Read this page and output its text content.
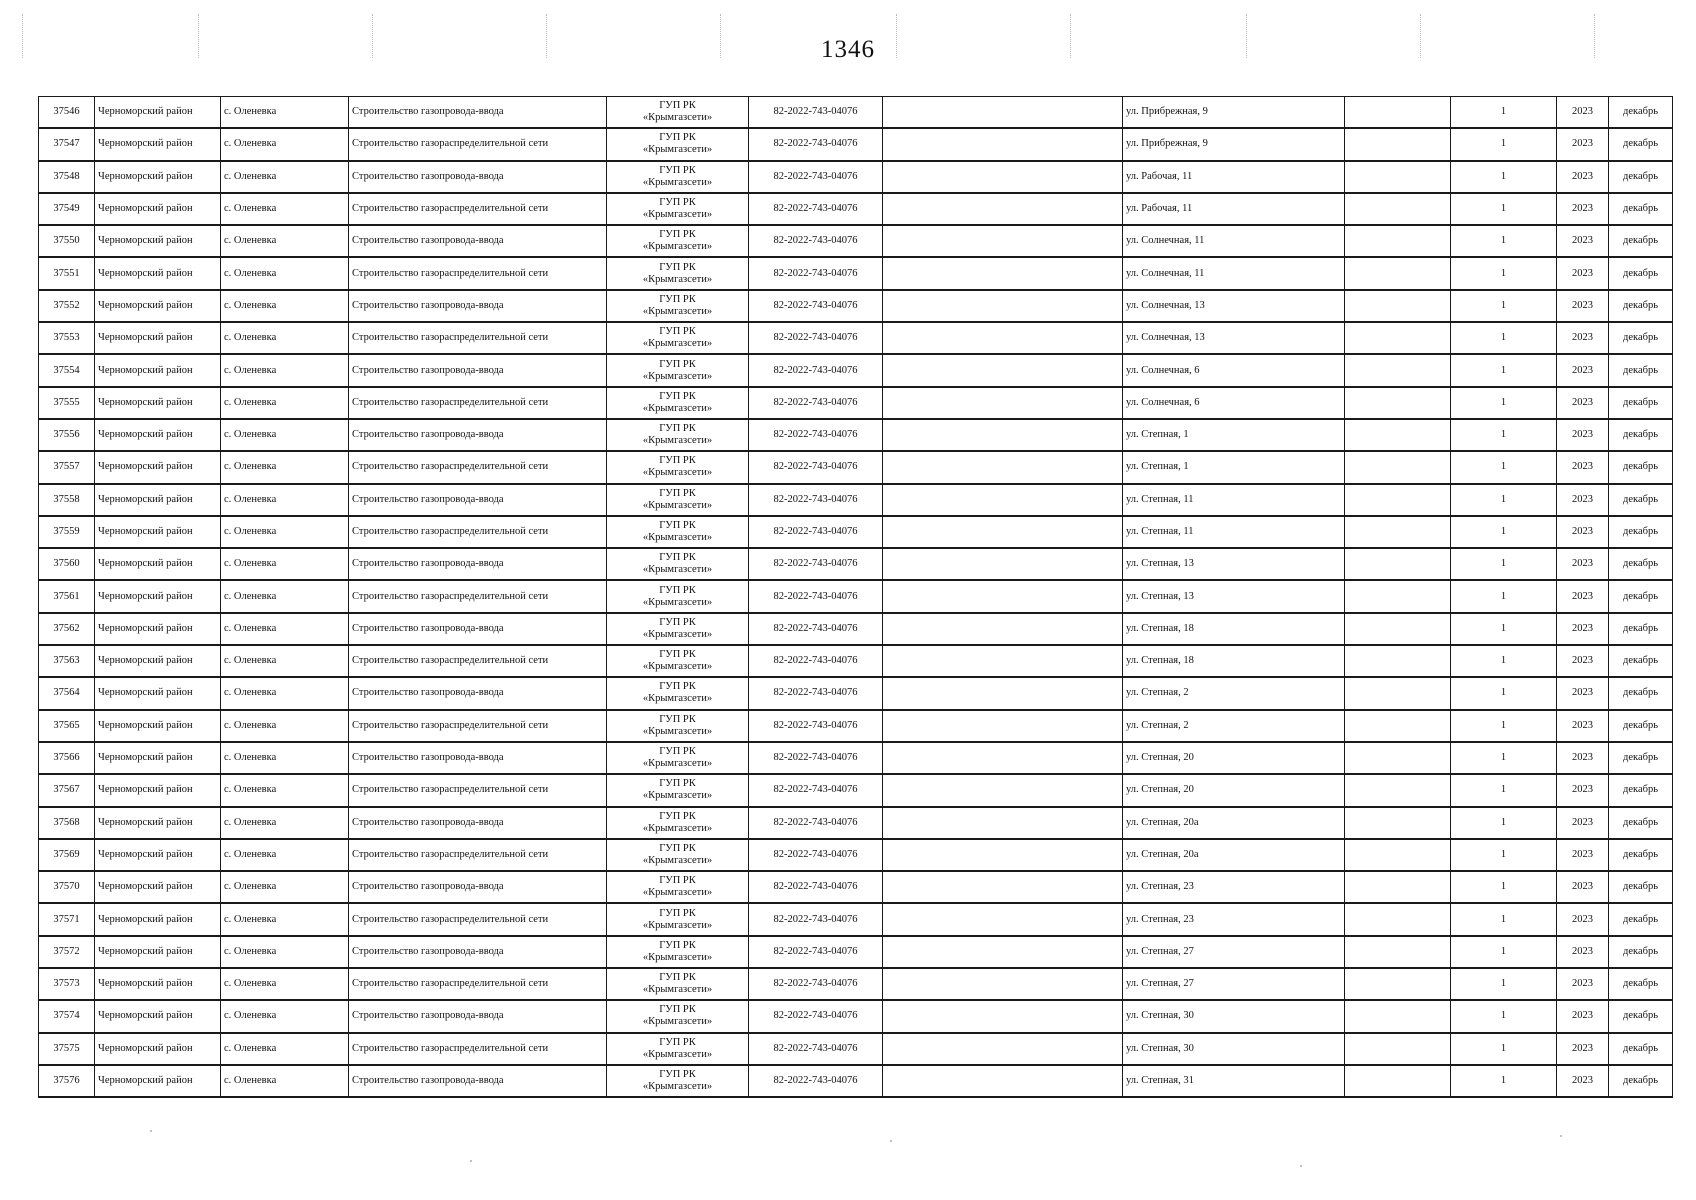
1346
37546	Черноморский район	с. Оленевка	Строительство газопровода-ввода	ГУП РК
«Крымгазсети»	82-2022-743-04076		ул. Прибрежная, 9		1	2023	декабрь
37547	Черноморский район	с. Оленевка	Строительство газораспределительной сети	ГУП РК
«Крымгазсети»	82-2022-743-04076		ул. Прибрежная, 9		1	2023	декабрь
37548	Черноморский район	с. Оленевка	Строительство газопровода-ввода	ГУП РК
«Крымгазсети»	82-2022-743-04076		ул. Рабочая, 11		1	2023	декабрь
37549	Черноморский район	с. Оленевка	Строительство газораспределительной сети	ГУП РК
«Крымгазсети»	82-2022-743-04076		ул. Рабочая, 11		1	2023	декабрь
37550	Черноморский район	с. Оленевка	Строительство газопровода-ввода	ГУП РК
«Крымгазсети»	82-2022-743-04076		ул. Солнечная, 11		1	2023	декабрь
37551	Черноморский район	с. Оленевка	Строительство газораспределительной сети	ГУП РК
«Крымгазсети»	82-2022-743-04076		ул. Солнечная, 11		1	2023	декабрь
37552	Черноморский район	с. Оленевка	Строительство газопровода-ввода	ГУП РК
«Крымгазсети»	82-2022-743-04076		ул. Солнечная, 13		1	2023	декабрь
37553	Черноморский район	с. Оленевка	Строительство газораспределительной сети	ГУП РК
«Крымгазсети»	82-2022-743-04076		ул. Солнечная, 13		1	2023	декабрь
37554	Черноморский район	с. Оленевка	Строительство газопровода-ввода	ГУП РК
«Крымгазсети»	82-2022-743-04076		ул. Солнечная, 6		1	2023	декабрь
37555	Черноморский район	с. Оленевка	Строительство газораспределительной сети	ГУП РК
«Крымгазсети»	82-2022-743-04076		ул. Солнечная, 6		1	2023	декабрь
37556	Черноморский район	с. Оленевка	Строительство газопровода-ввода	ГУП РК
«Крымгазсети»	82-2022-743-04076		ул. Степная, 1		1	2023	декабрь
37557	Черноморский район	с. Оленевка	Строительство газораспределительной сети	ГУП РК
«Крымгазсети»	82-2022-743-04076		ул. Степная, 1		1	2023	декабрь
37558	Черноморский район	с. Оленевка	Строительство газопровода-ввода	ГУП РК
«Крымгазсети»	82-2022-743-04076		ул. Степная, 11		1	2023	декабрь
37559	Черноморский район	с. Оленевка	Строительство газораспределительной сети	ГУП РК
«Крымгазсети»	82-2022-743-04076		ул. Степная, 11		1	2023	декабрь
37560	Черноморский район	с. Оленевка	Строительство газопровода-ввода	ГУП РК
«Крымгазсети»	82-2022-743-04076		ул. Степная, 13		1	2023	декабрь
37561	Черноморский район	с. Оленевка	Строительство газораспределительной сети	ГУП РК
«Крымгазсети»	82-2022-743-04076		ул. Степная, 13		1	2023	декабрь
37562	Черноморский район	с. Оленевка	Строительство газопровода-ввода	ГУП РК
«Крымгазсети»	82-2022-743-04076		ул. Степная, 18		1	2023	декабрь
37563	Черноморский район	с. Оленевка	Строительство газораспределительной сети	ГУП РК
«Крымгазсети»	82-2022-743-04076		ул. Степная, 18		1	2023	декабрь
37564	Черноморский район	с. Оленевка	Строительство газопровода-ввода	ГУП РК
«Крымгазсети»	82-2022-743-04076		ул. Степная, 2		1	2023	декабрь
37565	Черноморский район	с. Оленевка	Строительство газораспределительной сети	ГУП РК
«Крымгазсети»	82-2022-743-04076		ул. Степная, 2		1	2023	декабрь
37566	Черноморский район	с. Оленевка	Строительство газопровода-ввода	ГУП РК
«Крымгазсети»	82-2022-743-04076		ул. Степная, 20		1	2023	декабрь
37567	Черноморский район	с. Оленевка	Строительство газораспределительной сети	ГУП РК
«Крымгазсети»	82-2022-743-04076		ул. Степная, 20		1	2023	декабрь
37568	Черноморский район	с. Оленевка	Строительство газопровода-ввода	ГУП РК
«Крымгазсети»	82-2022-743-04076		ул. Степная, 20а		1	2023	декабрь
37569	Черноморский район	с. Оленевка	Строительство газораспределительной сети	ГУП РК
«Крымгазсети»	82-2022-743-04076		ул. Степная, 20а		1	2023	декабрь
37570	Черноморский район	с. Оленевка	Строительство газопровода-ввода	ГУП РК
«Крымгазсети»	82-2022-743-04076		ул. Степная, 23		1	2023	декабрь
37571	Черноморский район	с. Оленевка	Строительство газораспределительной сети	ГУП РК
«Крымгазсети»	82-2022-743-04076		ул. Степная, 23		1	2023	декабрь
37572	Черноморский район	с. Оленевка	Строительство газопровода-ввода	ГУП РК
«Крымгазсети»	82-2022-743-04076		ул. Степная, 27		1	2023	декабрь
37573	Черноморский район	с. Оленевка	Строительство газораспределительной сети	ГУП РК
«Крымгазсети»	82-2022-743-04076		ул. Степная, 27		1	2023	декабрь
37574	Черноморский район	с. Оленевка	Строительство газопровода-ввода	ГУП РК
«Крымгазсети»	82-2022-743-04076		ул. Степная, 30		1	2023	декабрь
37575	Черноморский район	с. Оленевка	Строительство газораспределительной сети	ГУП РК
«Крымгазсети»	82-2022-743-04076		ул. Степная, 30		1	2023	декабрь
37576	Черноморский район	с. Оленевка	Строительство газопровода-ввода	ГУП РК
«Крымгазсети»	82-2022-743-04076		ул. Степная, 31		1	2023	декабрь
